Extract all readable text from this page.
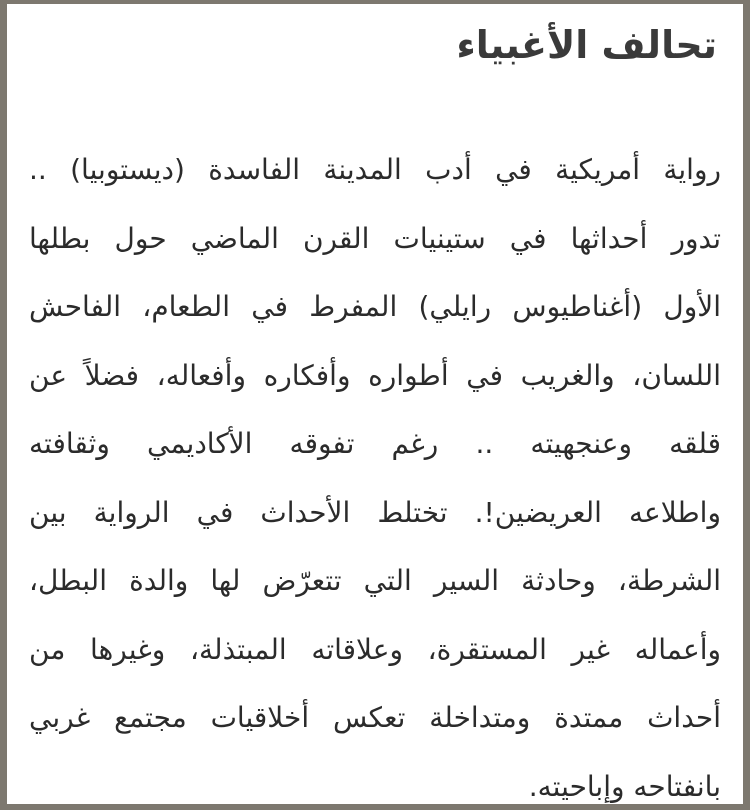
تحالف الأغبياء
رواية أمريكية في أدب المدينة الفاسدة (ديستوبيا) ..
تدور أحداثها في ستينيات القرن الماضي حول بطلها
الأول (أغناطيوس رايلي) المفرط في الطعام، الفاحش
اللسان، والغريب في أطواره وأفكاره وأفعاله، فضلاً عن
قلقه وعنجهيته .. رغم تفوقه الأكاديمي وثقافته
واطلاعه العريضين!. تختلط الأحداث في الرواية بين
الشرطة، وحادثة السير التي تتعرّض لها والدة البطل،
وأعماله غير المستقرة، وعلاقاته المبتذلة، وغيرها من
أحداث ممتدة ومتداخلة تعكس أخلاقيات مجتمع غربي
بانفتاحه وإباحيته.
